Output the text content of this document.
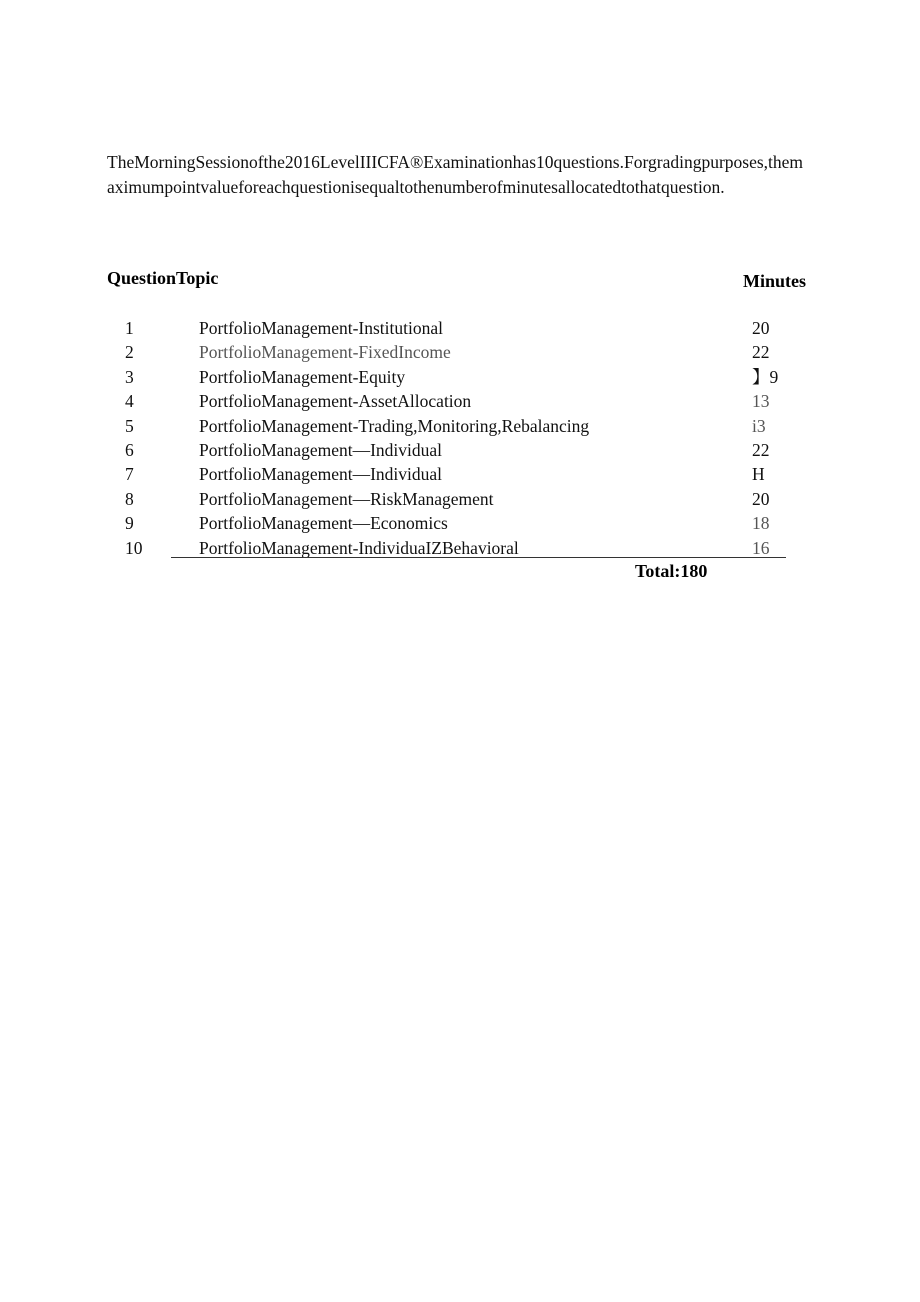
TheMorningSessionofthe2016LevelIIICFA®Examinationhas10questions.Forgradingpurposes,themaximumpointvalueforeachquestionisequaltothenumberofminutesallocatedtothatquestion.

QuestionTopic	Minutes
1	PortfolioManagement-Institutional	20
2	PortfolioManagement-FixedIncome	22
3	PortfolioManagement-Equity	】9
4	PortfolioManagement-AssetAllocation	13
5	PortfolioManagement-Trading,Monitoring,Rebalancing	i3
6	PortfolioManagement—Individual	22
7	PortfolioManagement—Individual	H
8	PortfolioManagement—RiskManagement	20
9	PortfolioManagement—Economics	18
10	PortfolioManagement-IndividuaIZBehavioral	16
Total:180
